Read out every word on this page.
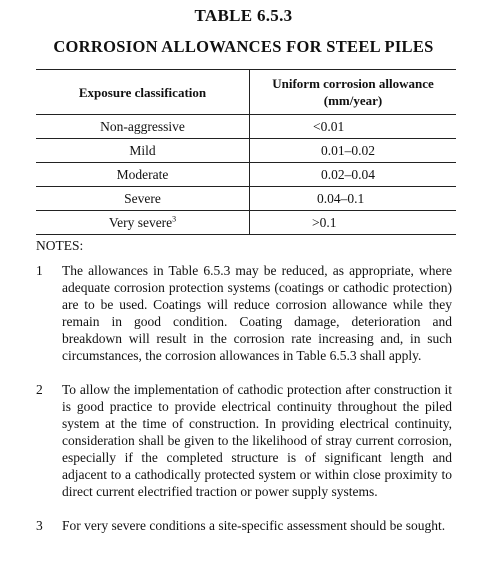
TABLE 6.5.3
CORROSION ALLOWANCES FOR STEEL PILES
Exposure classification	Uniform corrosion allowance
(mm/year)

Non-aggressive	<0.01
Mild	0.01–0.02
Moderate	0.02–0.04
Severe	0.04–0.1
Very severe$^3$	>0.1
NOTES:
1 The allowances in Table 6.5.3 may be reduced, as appropriate, where adequate corrosion protection systems (coatings or cathodic protection) are to be used. Coatings will reduce corrosion allowance while they remain in good condition. Coating damage, deterioration and breakdown will result in the corrosion rate increasing and, in such circumstances, the corrosion allowances in Table 6.5.3 shall apply.
2 To allow the implementation of cathodic protection after construction it is good practice to provide electrical continuity throughout the piled system at the time of construction. In providing electrical continuity, consideration shall be given to the likelihood of stray current corrosion, especially if the completed structure is of significant length and adjacent to a cathodically protected system or within close proximity to direct current electrified traction or power supply systems.
3 For very severe conditions a site-specific assessment should be sought.
